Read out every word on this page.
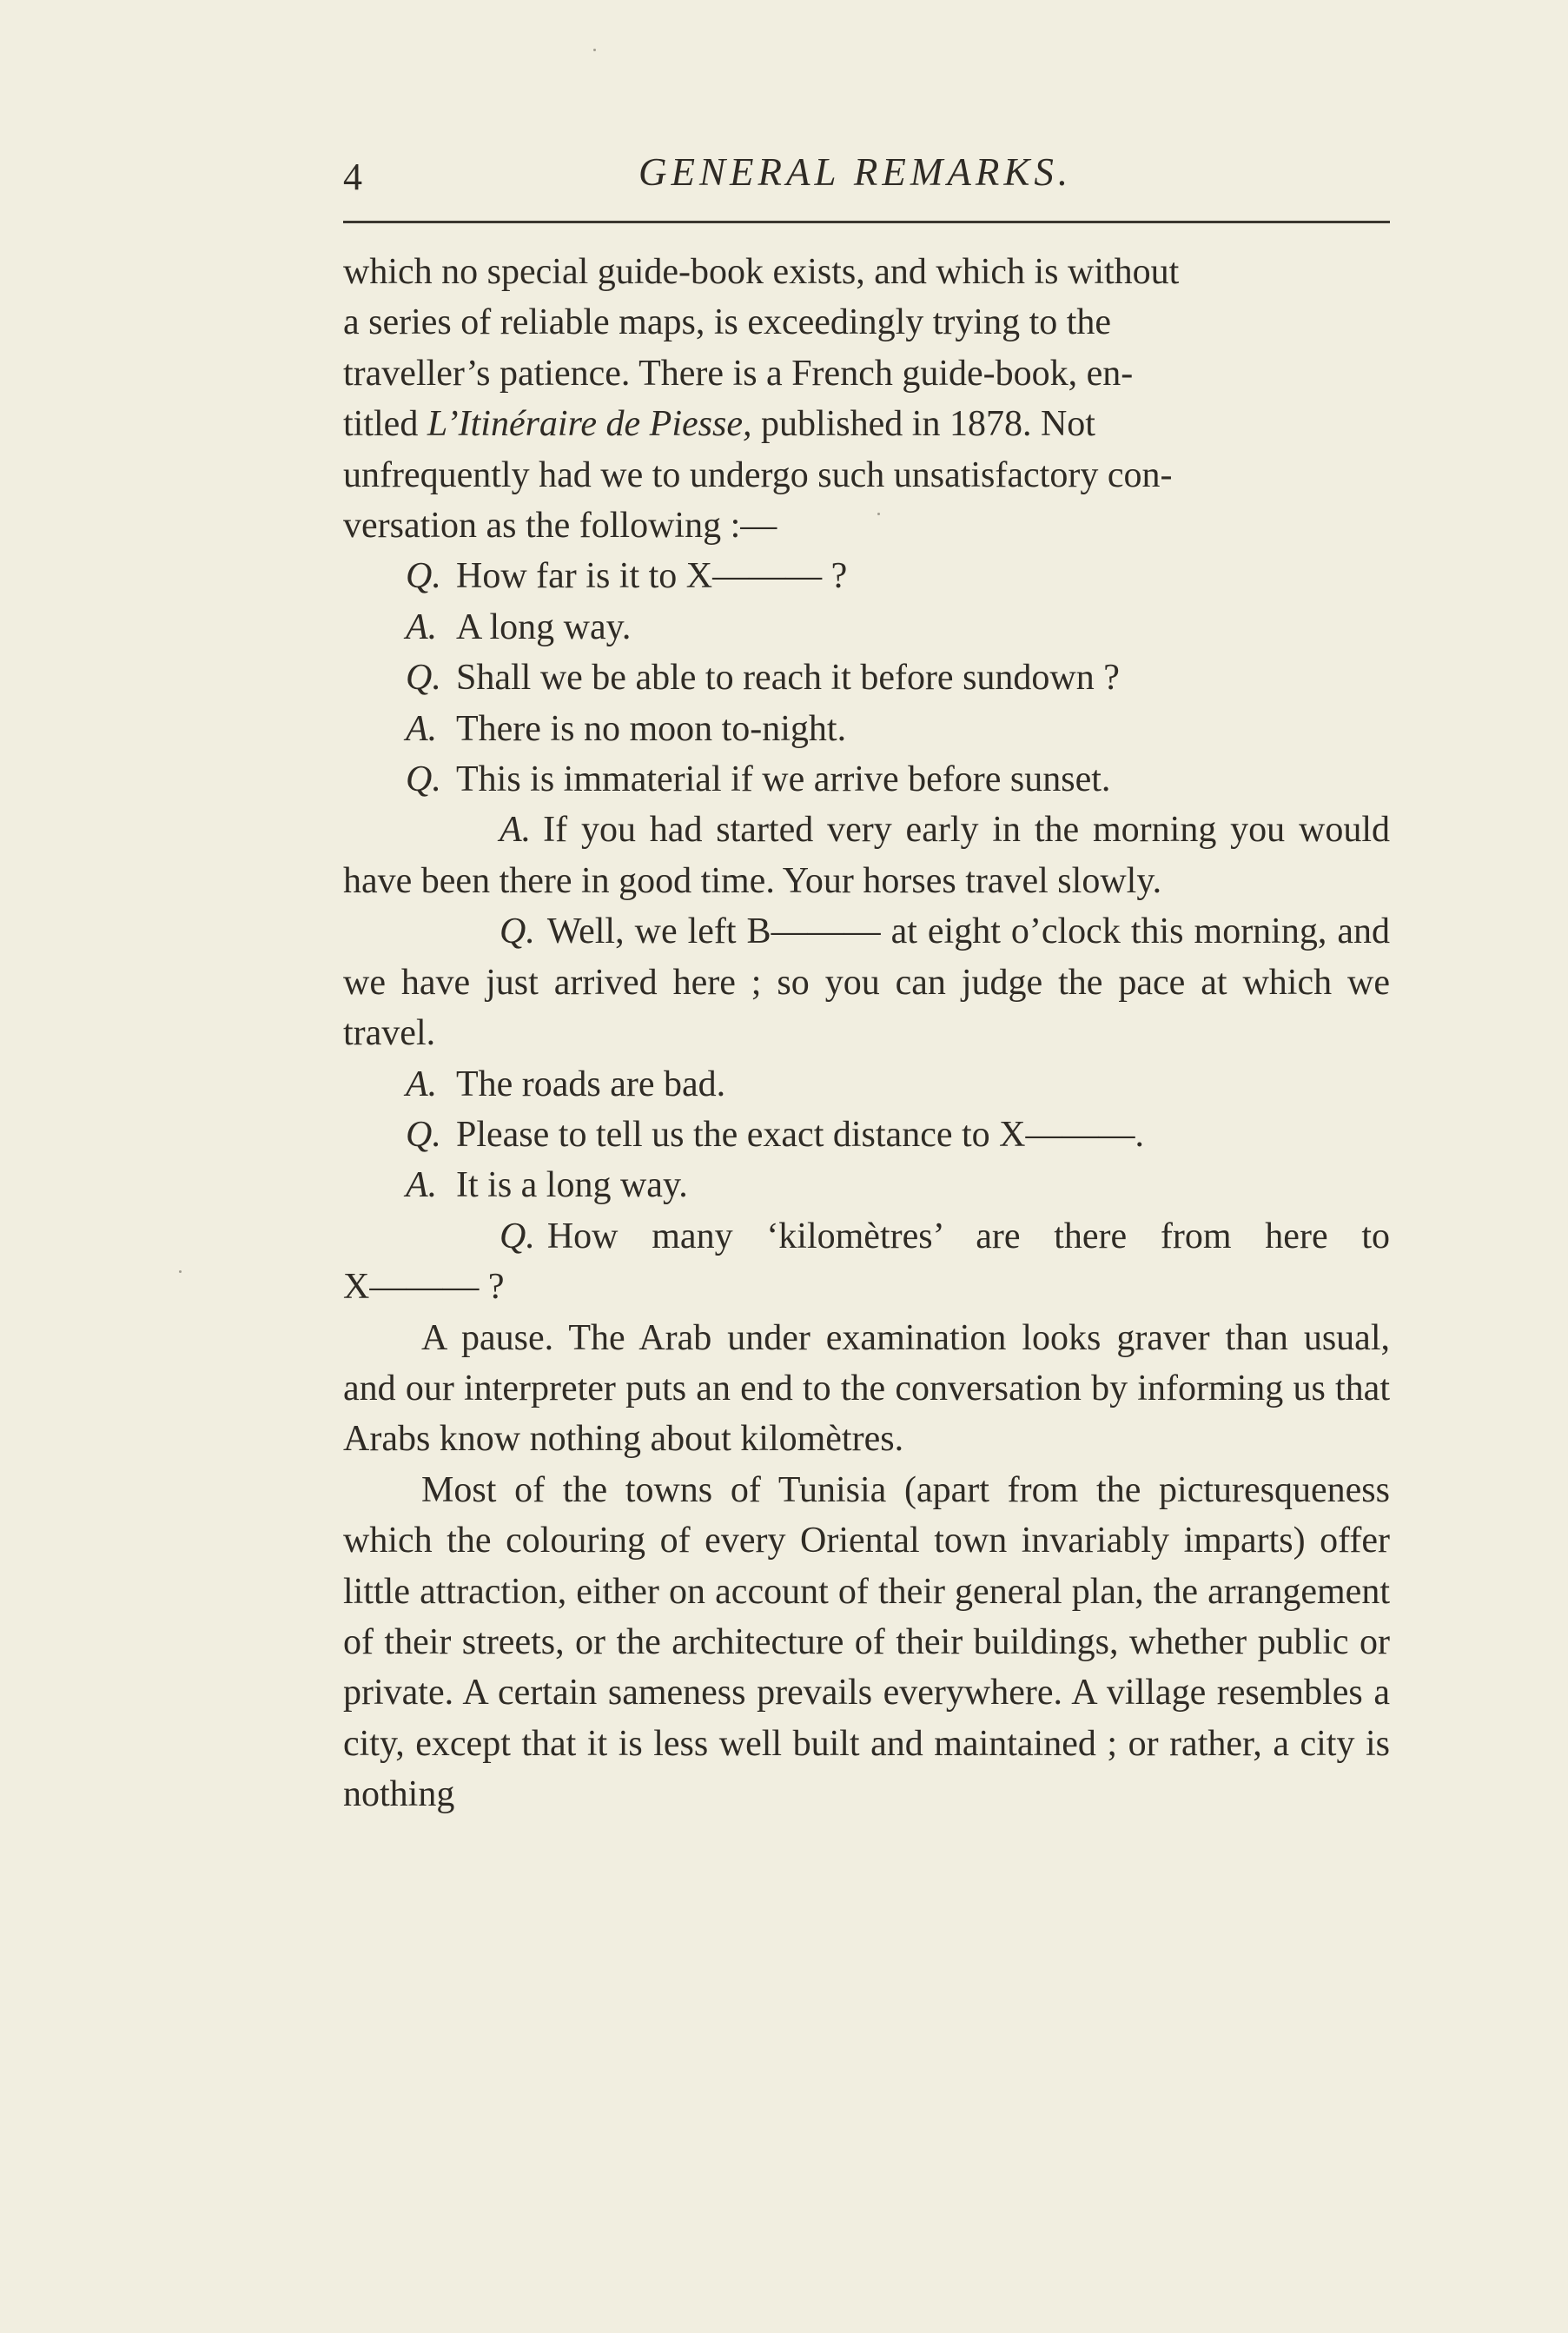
4	GENERAL REMARKS.

which no special guide-book exists, and which is without
a series of reliable maps, is exceedingly trying to the
traveller’s patience. There is a French guide-book, en-
titled L’Itinéraire de Piesse, published in 1878. Not
unfrequently had we to undergo such unsatisfactory con-
versation as the following :—

Q. How far is it to X——— ?

A. A long way.

Q. Shall we be able to reach it before sundown ?

A. There is no moon to-night.

Q. This is immaterial if we arrive before sunset.

A. If you had started very early in the morning you would have been there in good time. Your horses travel slowly.

Q. Well, we left B——— at eight o’clock this morning, and we have just arrived here ; so you can judge the pace at which we travel.

A. The roads are bad.

Q. Please to tell us the exact distance to X———.

A. It is a long way.

Q. How many ‘kilomètres’ are there from here to

X——— ?

A pause. The Arab under examination looks graver than usual, and our interpreter puts an end to the conversation by informing us that Arabs know nothing about kilomètres.

Most of the towns of Tunisia (apart from the picturesqueness which the colouring of every Oriental town invariably imparts) offer little attraction, either on account of their general plan, the arrangement of their streets, or the architecture of their buildings, whether public or private. A certain sameness prevails everywhere. A village resembles a city, except that it is less well built and maintained ; or rather, a city is nothing
